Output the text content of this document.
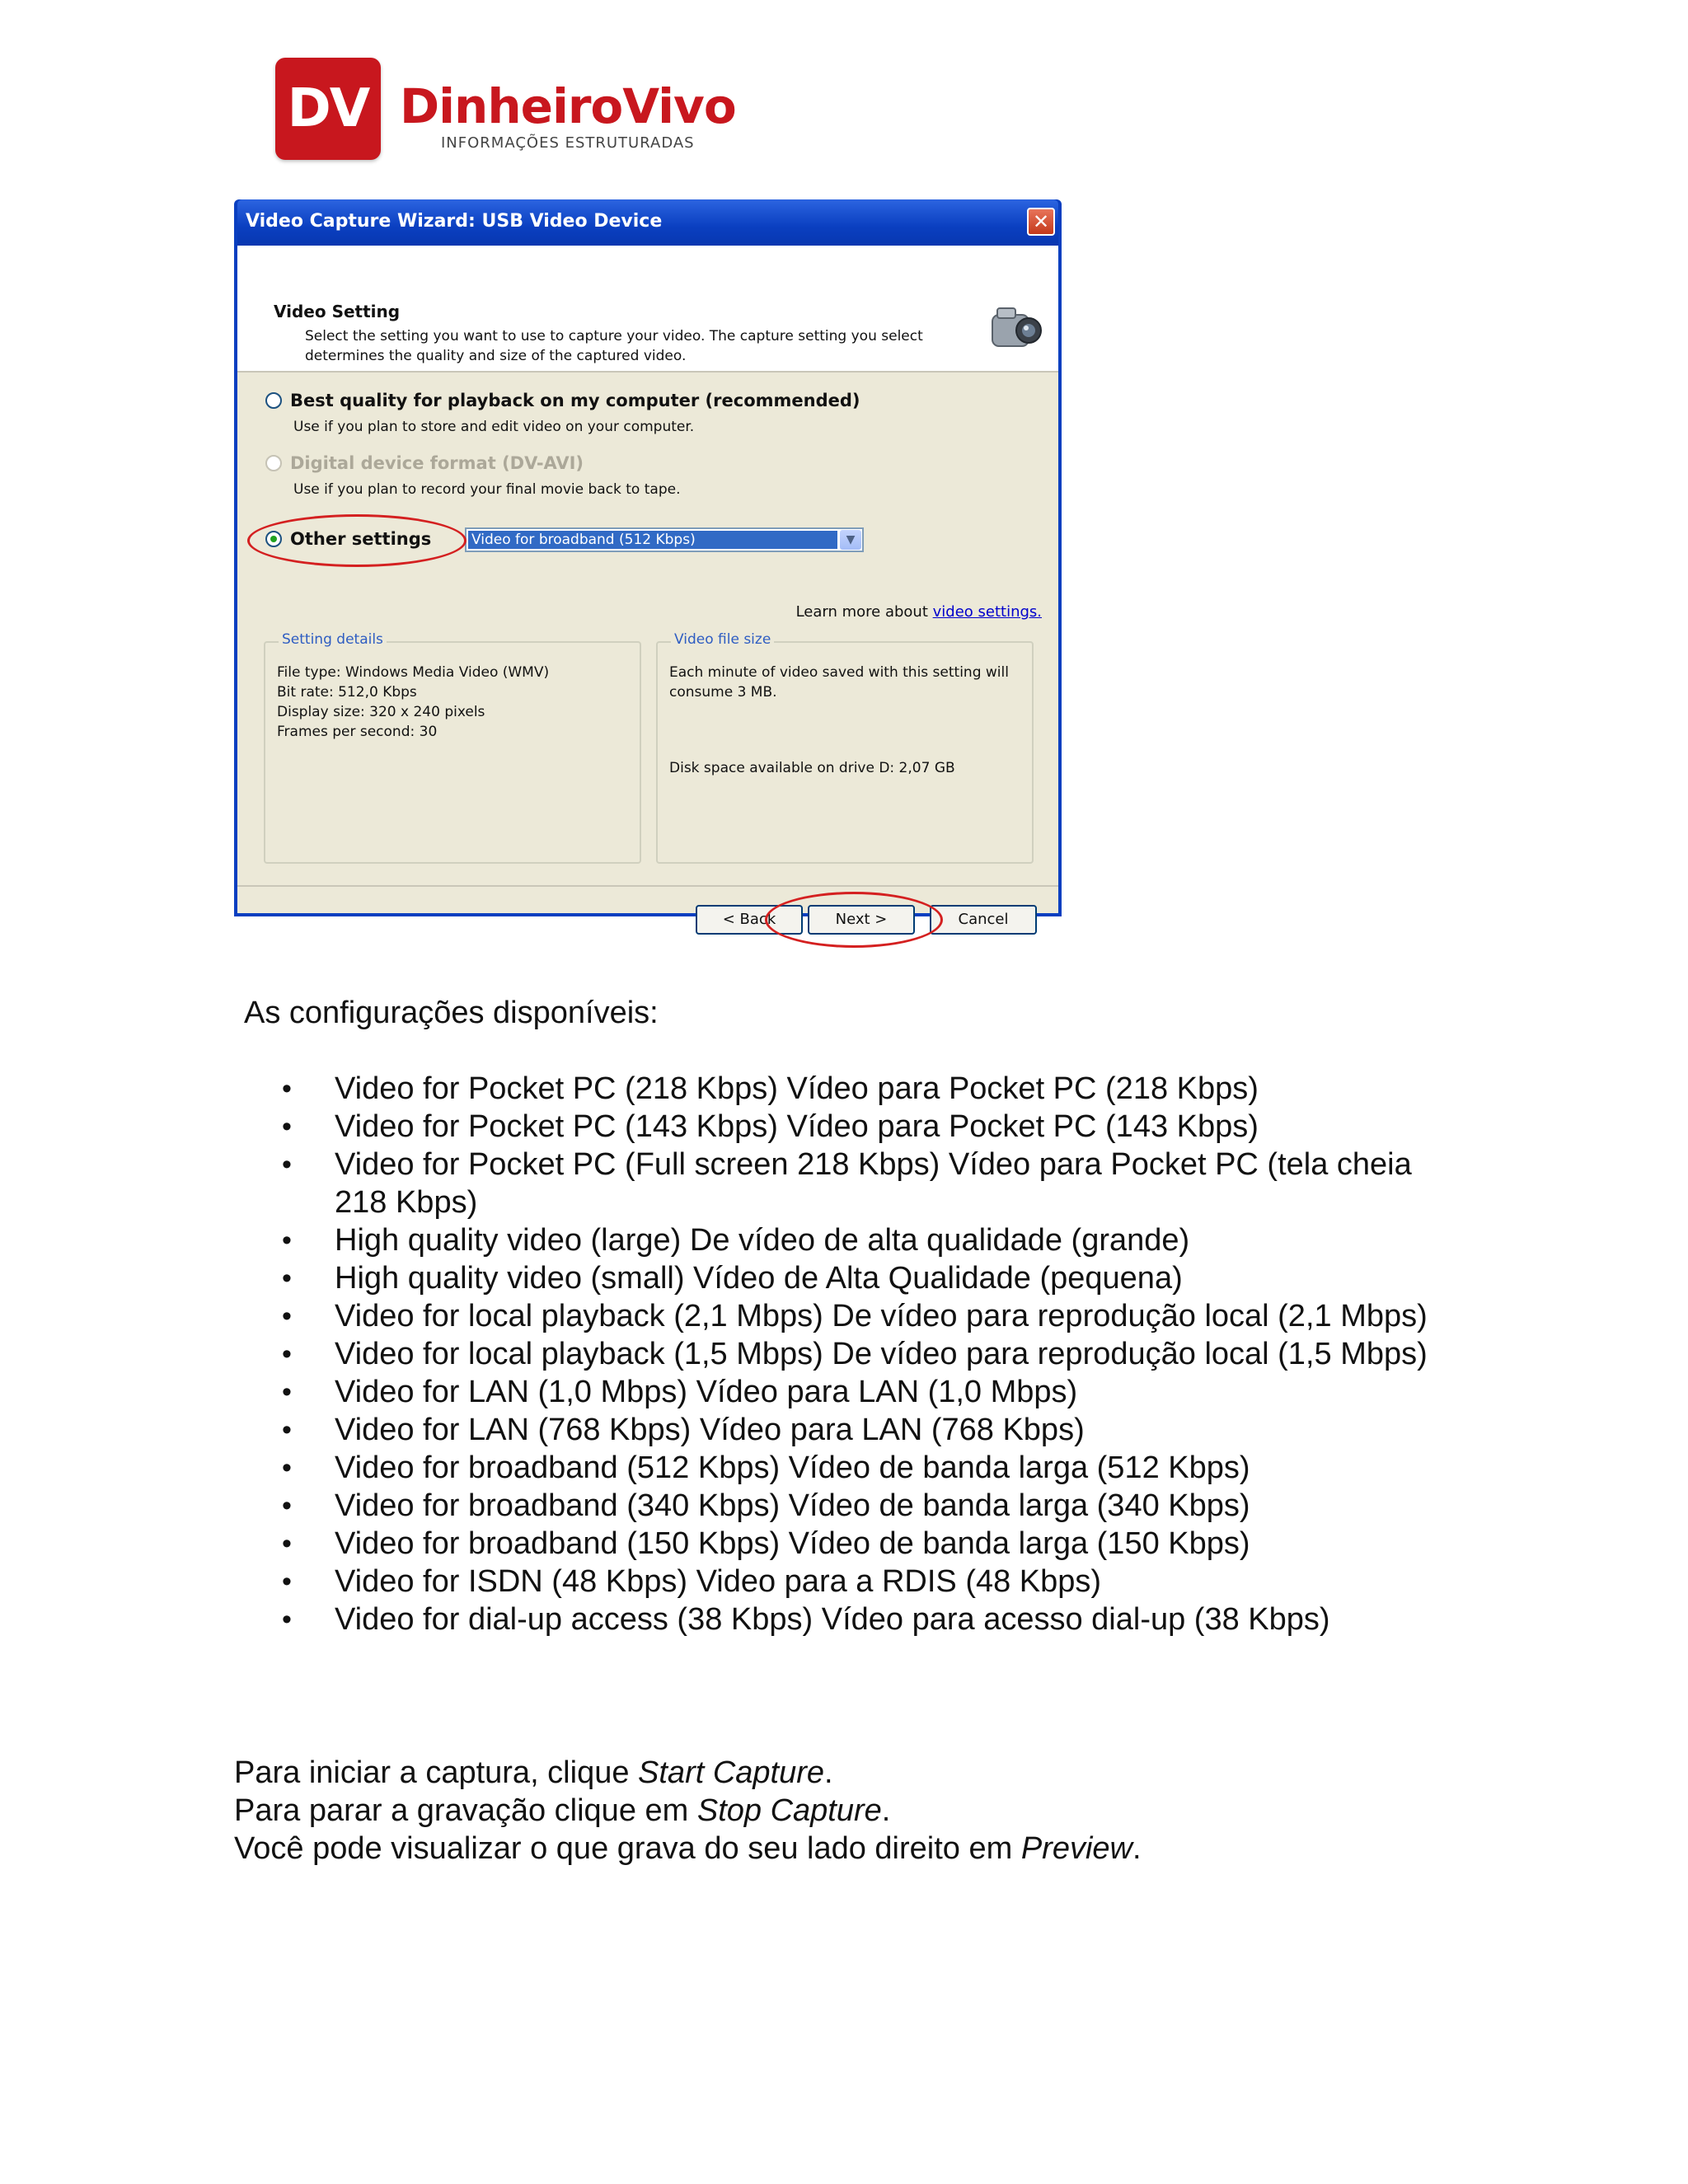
DV DinheiroVivo
INFORMAÇÕES ESTRUTURADAS
Video Capture Wizard: USB Video Device	✕
Video Setting
Select the setting you want to use to capture your video. The capture setting you select determines the quality and size of the captured video.
Best quality for playback on my computer (recommended)
Use if you plan to store and edit video on your computer.
Digital device format (DV-AVI)
Use if you plan to record your final movie back to tape.
Other settings	Video for broadband (512 Kbps)	▼
Learn more about video settings.
Setting details
File type: Windows Media Video (WMV)
Bit rate: 512,0 Kbps
Display size: 320 x 240 pixels
Frames per second: 30
Video file size
Each minute of video saved with this setting will consume 3 MB.
Disk space available on drive D: 2,07 GB
< Back	Next >	Cancel
As configurações disponíveis:
• Video for Pocket PC (218 Kbps) Vídeo para Pocket PC (218 Kbps)
• Video for Pocket PC (143 Kbps) Vídeo para Pocket PC (143 Kbps)
• Video for Pocket PC (Full screen 218 Kbps) Vídeo para Pocket PC (tela cheia 218 Kbps)
• High quality video (large) De vídeo de alta qualidade (grande)
• High quality video (small) Vídeo de Alta Qualidade (pequena)
• Video for local playback (2,1 Mbps) De vídeo para reprodução local (2,1 Mbps)
• Video for local playback (1,5 Mbps) De vídeo para reprodução local (1,5 Mbps)
• Video for LAN (1,0 Mbps) Vídeo para LAN (1,0 Mbps)
• Video for LAN (768 Kbps) Vídeo para LAN (768 Kbps)
• Video for broadband (512 Kbps) Vídeo de banda larga (512 Kbps)
• Video for broadband (340 Kbps) Vídeo de banda larga (340 Kbps)
• Video for broadband (150 Kbps) Vídeo de banda larga (150 Kbps)
• Video for ISDN (48 Kbps) Video para a RDIS (48 Kbps)
• Video for dial-up access (38 Kbps) Vídeo para acesso dial-up (38 Kbps)
Para iniciar a captura, clique Start Capture.
Para parar a gravação clique em Stop Capture.
Você pode visualizar o que grava do seu lado direito em Preview.
